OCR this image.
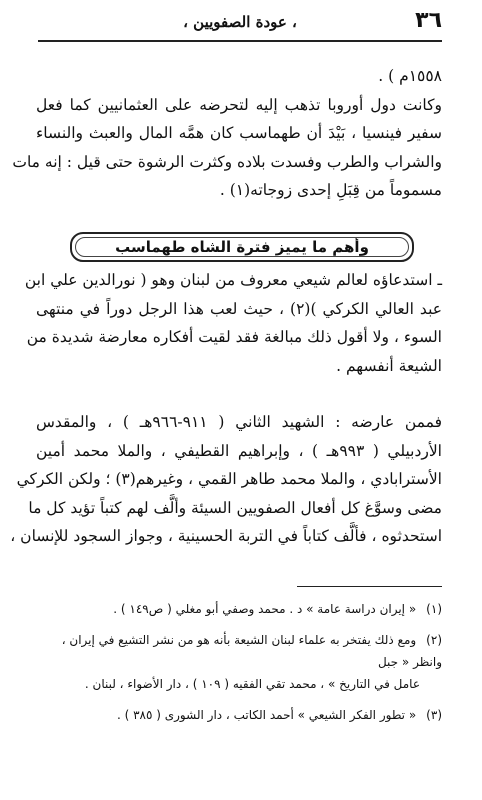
٣٦
، عودة الصفويين ،
١٥٥٨م ) .
وكانت دول أوروبا تذهب إليه لتحرضه على العثمانيين كما فعل
سفير فينسيا ، بَيْدَ أن طهماسب كان همَّه المال والعبث والنساء
والشراب والطرب وفسدت بلاده وكثرت الرشوة حتى قيل : إنه مات
مسموماً من قِبَلِ إحدى زوجاته(١) .
وأهم ما يميز فترة الشاه طهماسب
ـ استدعاؤه لعالم شيعي معروف من لبنان وهو ( نورالدين علي ابن
عبد العالي الكركي )(٢) ، حيث لعب هذا الرجل دوراً في منتهى
السوء ، ولا أقول ذلك مبالغة فقد لقيت أفكاره معارضة شديدة من
الشيعة أنفسهم .
فممن عارضه : الشهيد الثاني ( ٩١١-٩٦٦هـ ) ، والمقدس
الأردبيلي ( ٩٩٣هـ ) ، وإبراهيم القطيفي ، والملا محمد أمين
الأسترابادي ، والملا محمد طاهر القمي ، وغيرهم(٣) ؛ ولكن الكركي
مضى وسوَّغ كل أفعال الصفويين السيئة وألَّف لهم كتباً تؤيد كل ما
استحدثوه ، فألَّف كتاباً في التربة الحسينية ، وجواز السجود للإنسان ،
(١) « إيران دراسة عامة » د . محمد وصفي أبو مغلي ( ص١٤٩ ) .
(٢) ومع ذلك يفتخر به علماء لبنان الشيعة بأنه هو من نشر التشيع في إيران ، وانظر « جبل
عامل في التاريخ » ، محمد تقي الفقيه ( ١٠٩ ) ، دار الأضواء ، لبنان .
(٣) « تطور الفكر الشيعي » أحمد الكاتب ، دار الشورى ( ٣٨٥ ) .
